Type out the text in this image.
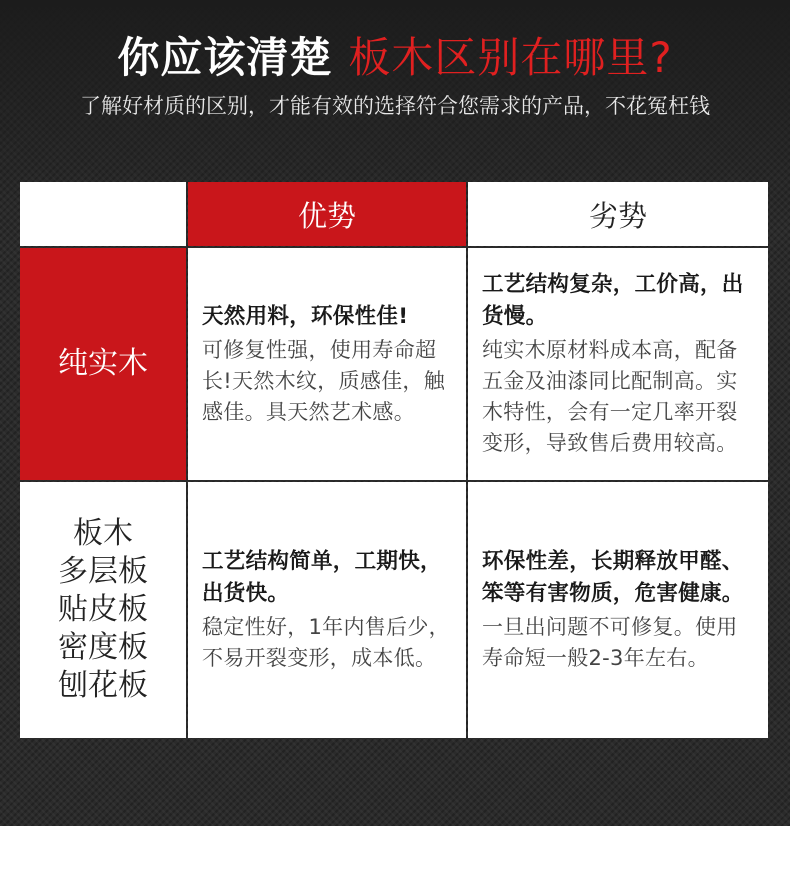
你应该清楚 板木区别在哪里?
了解好材质的区别，才能有效的选择符合您需求的产品，不花冤枉钱
优势	劣势
纯实木
天然用料，环保性佳!
可修复性强，使用寿命超长!天然木纹，质感佳，触感佳。具天然艺术感。
工艺结构复杂，工价高，出货慢。
纯实木原材料成本高，配备五金及油漆同比配制高。实木特性，会有一定几率开裂变形，导致售后费用较高。
板木
多层板
贴皮板
密度板
刨花板
工艺结构简单，工期快，出货快。
稳定性好，1年内售后少，不易开裂变形，成本低。
环保性差，长期释放甲醛、笨等有害物质，危害健康。
一旦出问题不可修复。使用寿命短一般2-3年左右。
